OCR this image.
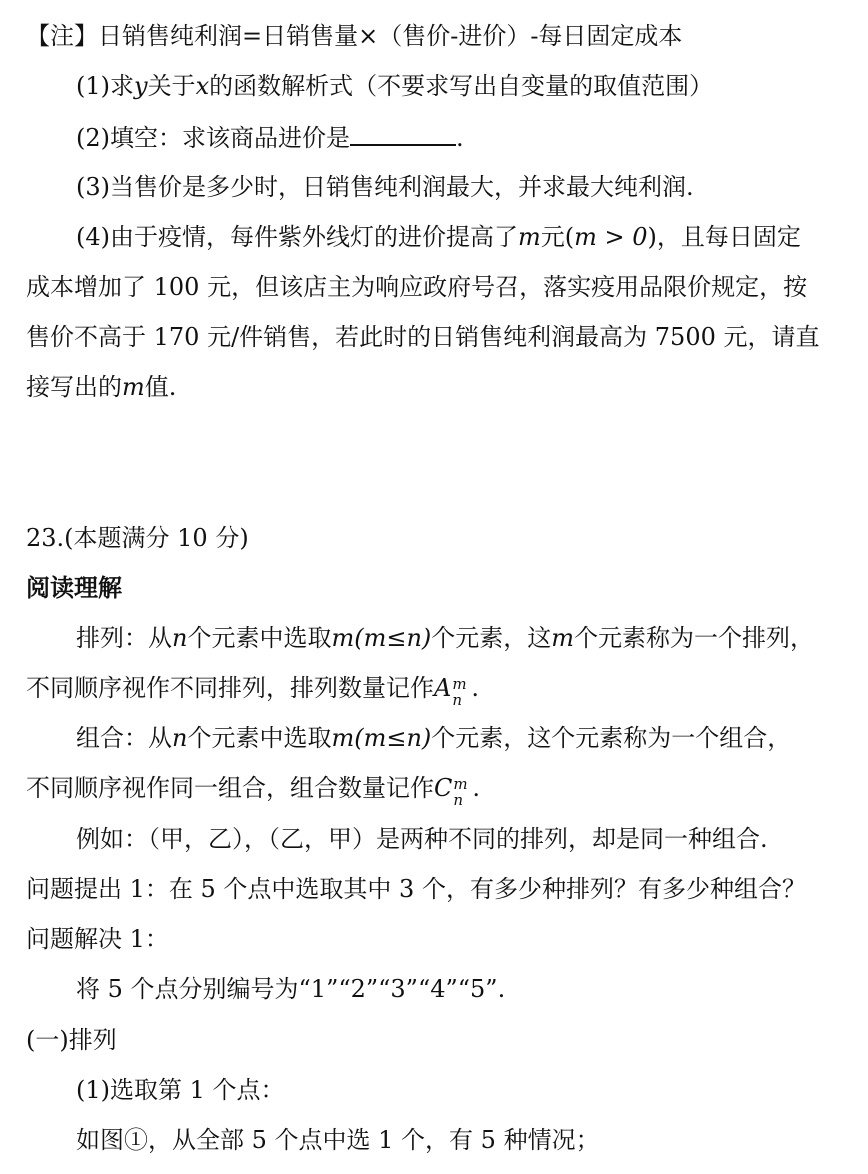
【注】日销售纯利润=日销售量×（售价-进价）-每日固定成本
(1)求y关于x的函数解析式（不要求写出自变量的取值范围）
(2)填空：求该商品进价是	.
(3)当售价是多少时，日销售纯利润最大，并求最大纯利润.
(4)由于疫情，每件紫外线灯的进价提高了m元(m > 0)，且每日固定
成本增加了 100 元，但该店主为响应政府号召，落实疫用品限价规定，按
售价不高于 170 元/件销售，若此时的日销售纯利润最高为 7500 元，请直
接写出的m值.
23.(本题满分 10 分)
阅读理解
排列：从n个元素中选取m(m≤n)个元素，这m个元素称为一个排列，
不同顺序视作不同排列，排列数量记作A m
n .
组合：从n个元素中选取m(m≤n)个元素，这个元素称为一个组合，
不同顺序视作同一组合，组合数量记作C m
n .
例如：（甲，乙），（乙，甲）是两种不同的排列，却是同一种组合.
问题提出 1：在 5 个点中选取其中 3 个，有多少种排列？有多少种组合？
问题解决 1：
将 5 个点分别编号为“1”“2”“3”“4”“5”.
(一)排列
(1)选取第 1 个点：
如图①，从全部 5 个点中选 1 个，有 5 种情况；
